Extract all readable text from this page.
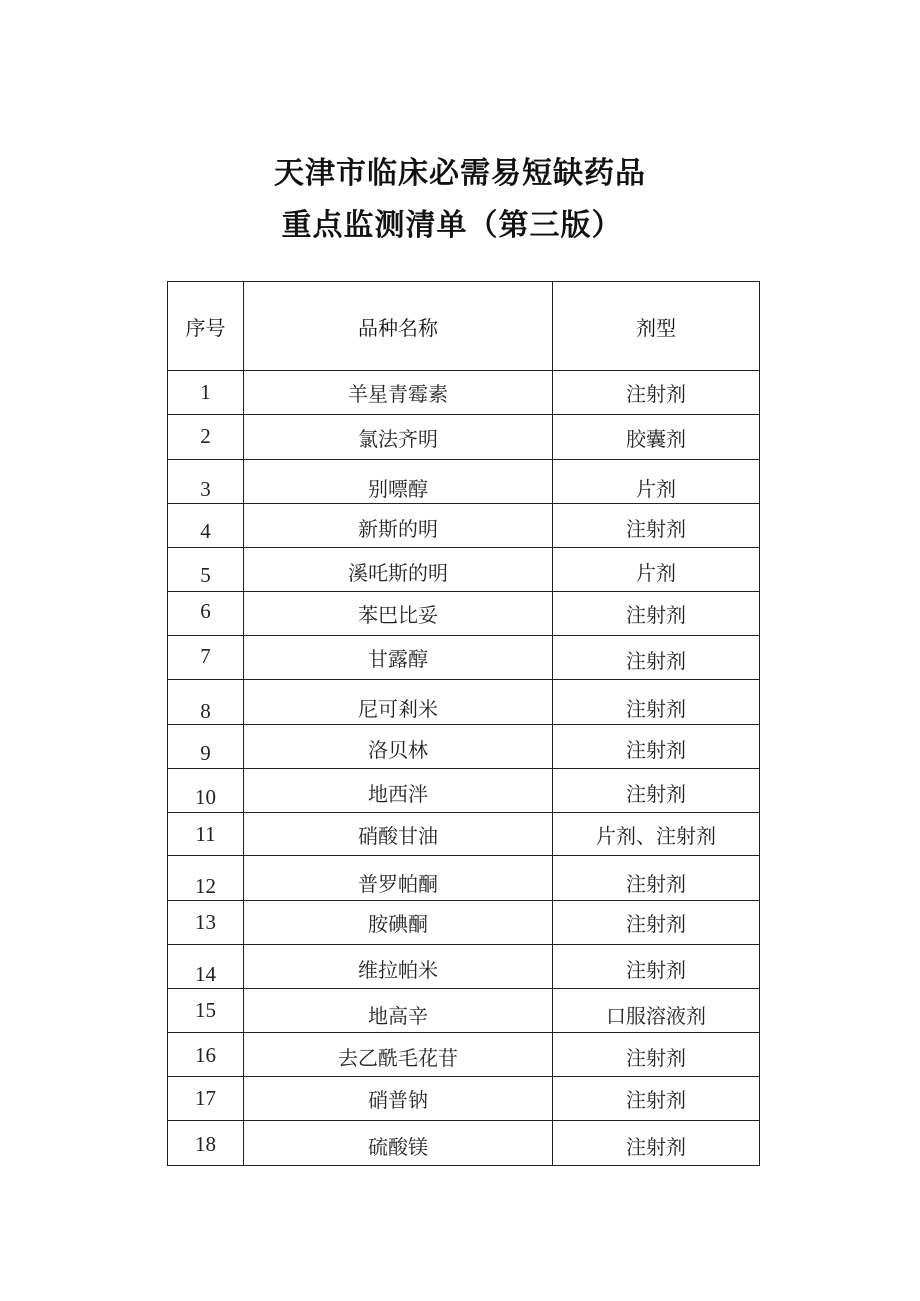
天津市临床必需易短缺药品
重点监测清单（第三版）
序号	品种名称	剂型

1	羊星青霉素	注射剂

2	氯法齐明	胶囊剂

3	别嘌醇	片剂

4	新斯的明	注射剂

5	溪吒斯的明	片剂

6	苯巴比妥	注射剂

7	甘露醇	注射剂

8	尼可剎米	注射剂

9	洛贝林	注射剂

10	地西泮	注射剂

11	硝酸甘油	片剂、注射剂

12	普罗帕酮	注射剂

13	胺碘酮	注射剂

14	维拉帕米	注射剂

15	地高辛	口服溶液剂

16	去乙酰毛花苷	注射剂

17	硝普钠	注射剂

18	硫酸镁	注射剂
